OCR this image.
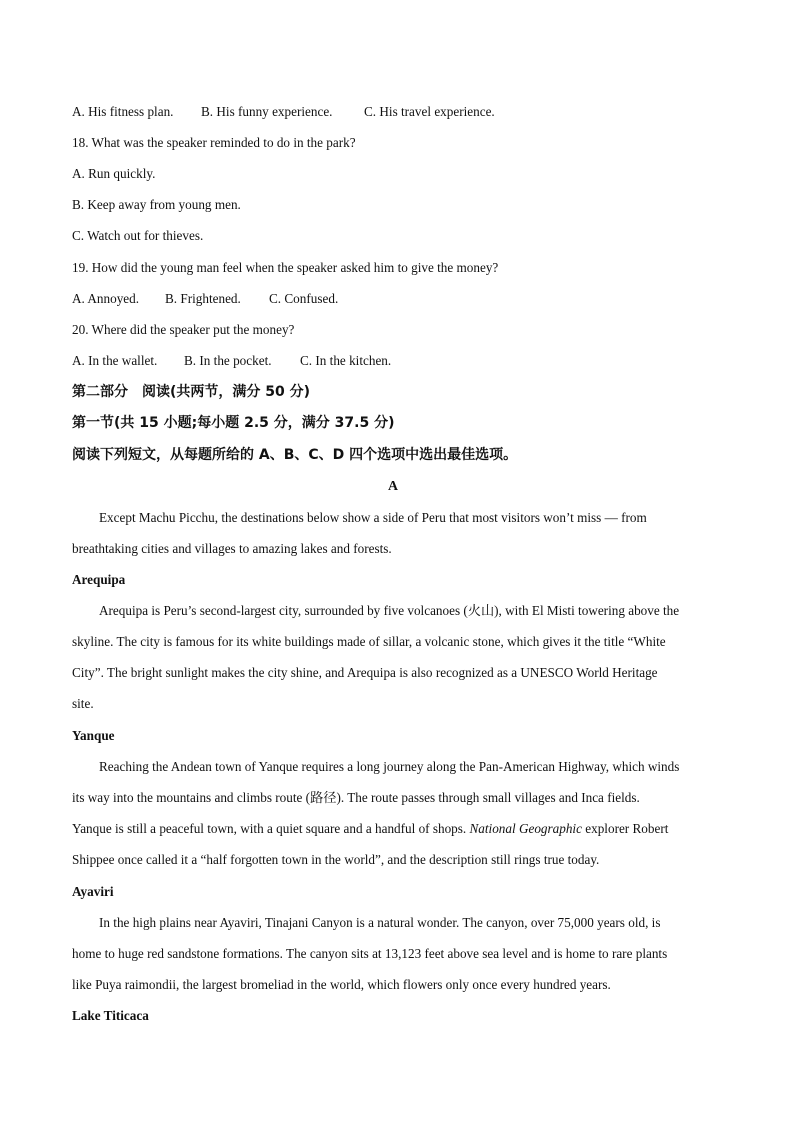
A. His fitness plan. B. His funny experience. C. His travel experience.
18. What was the speaker reminded to do in the park?
A. Run quickly.
B. Keep away from young men.
C. Watch out for thieves.
19. How did the young man feel when the speaker asked him to give the money?
A. Annoyed. B. Frightened. C. Confused.
20. Where did the speaker put the money?
A. In the wallet. B. In the pocket. C. In the kitchen.
第二部分　阅读(共两节，满分 50 分)
第一节(共 15 小题;每小题 2.5 分，满分 37.5 分)
阅读下列短文，从每题所给的 A、B、C、D 四个选项中选出最佳选项。
A
Except Machu Picchu, the destinations below show a side of Peru that most visitors won’t miss — from
breathtaking cities and villages to amazing lakes and forests.
Arequipa
Arequipa is Peru’s second-largest city, surrounded by five volcanoes (火山), with El Misti towering above the
skyline. The city is famous for its white buildings made of sillar, a volcanic stone, which gives it the title “White
City”. The bright sunlight makes the city shine, and Arequipa is also recognized as a UNESCO World Heritage
site.
Yanque
Reaching the Andean town of Yanque requires a long journey along the Pan-American Highway, which winds
its way into the mountains and climbs route (路径). The route passes through small villages and Inca fields.
Yanque is still a peaceful town, with a quiet square and a handful of shops. National Geographic explorer Robert
Shippee once called it a “half forgotten town in the world”, and the description still rings true today.
Ayaviri
In the high plains near Ayaviri, Tinajani Canyon is a natural wonder. The canyon, over 75,000 years old, is
home to huge red sandstone formations. The canyon sits at 13,123 feet above sea level and is home to rare plants
like Puya raimondii, the largest bromeliad in the world, which flowers only once every hundred years.
Lake Titicaca
